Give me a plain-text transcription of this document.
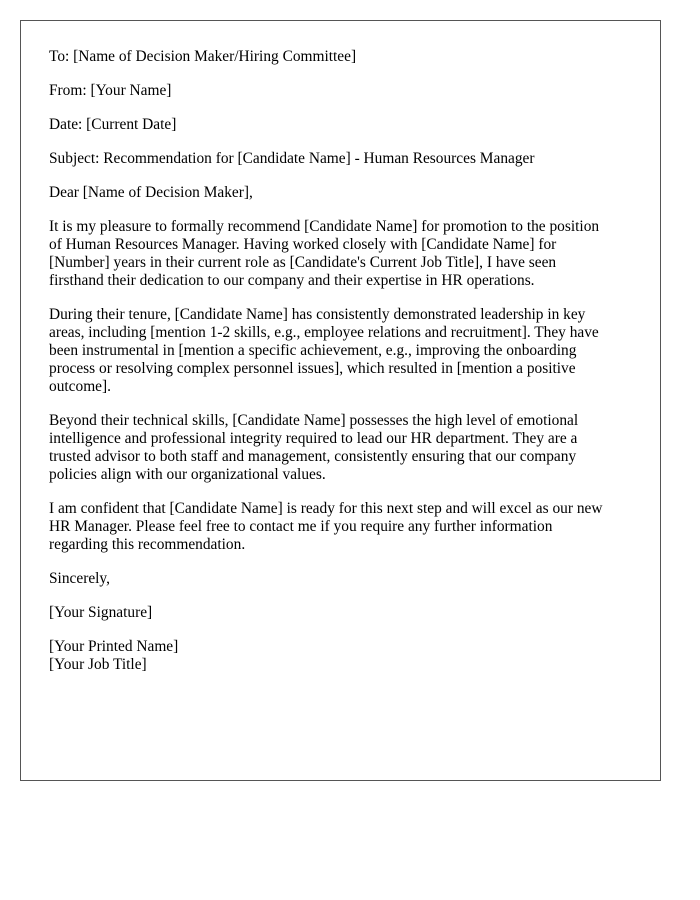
To: [Name of Decision Maker/Hiring Committee]

From: [Your Name]

Date: [Current Date]

Subject: Recommendation for [Candidate Name] - Human Resources Manager

Dear [Name of Decision Maker],

It is my pleasure to formally recommend [Candidate Name] for promotion to the position
of Human Resources Manager. Having worked closely with [Candidate Name] for
[Number] years in their current role as [Candidate's Current Job Title], I have seen
firsthand their dedication to our company and their expertise in HR operations.

During their tenure, [Candidate Name] has consistently demonstrated leadership in key
areas, including [mention 1-2 skills, e.g., employee relations and recruitment]. They have
been instrumental in [mention a specific achievement, e.g., improving the onboarding
process or resolving complex personnel issues], which resulted in [mention a positive
outcome].

Beyond their technical skills, [Candidate Name] possesses the high level of emotional
intelligence and professional integrity required to lead our HR department. They are a
trusted advisor to both staff and management, consistently ensuring that our company
policies align with our organizational values.

I am confident that [Candidate Name] is ready for this next step and will excel as our new
HR Manager. Please feel free to contact me if you require any further information
regarding this recommendation.

Sincerely,

[Your Signature]

[Your Printed Name]

[Your Job Title]
